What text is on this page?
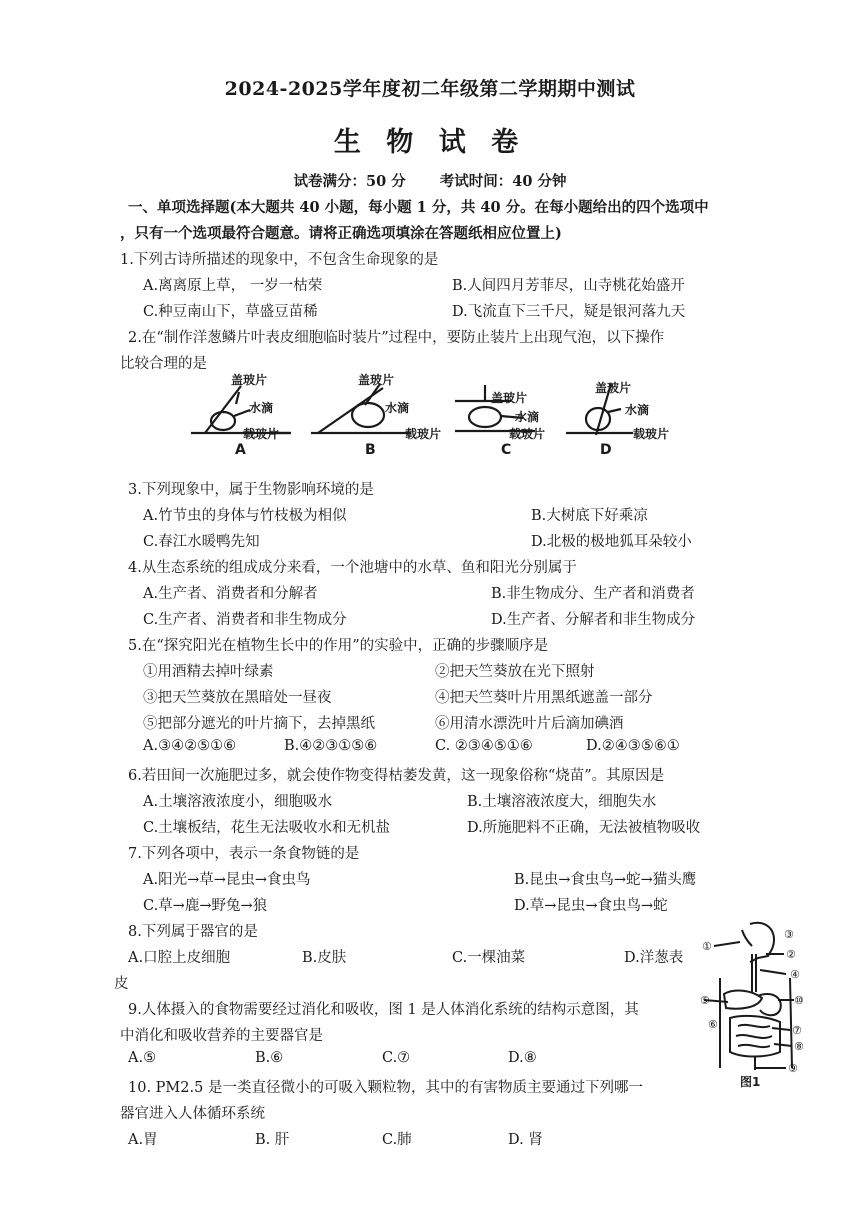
2024-2025学年度初二年级第二学期期中测试
生 物 试 卷
试卷满分：50 分 考试时间：40 分钟
一、单项选择题(本大题共 40 小题，每小题 1 分，共 40 分。在每小题给出的四个选项中
，只有一个选项最符合题意。请将正确选项填涂在答题纸相应位置上)
1.下列古诗所描述的现象中，不包含生命现象的是
A.离离原上草， 一岁一枯荣	B.人间四月芳菲尽，山寺桃花始盛开
C.种豆南山下，草盛豆苗稀	D.飞流直下三千尺，疑是银河落九天
2.在“制作洋葱鳞片叶表皮细胞临时装片”过程中，要防止装片上出现气泡，以下操作
比较合理的是
盖玻片
水滴
载玻片
A
盖玻片
水滴
载玻片
B
盖玻片
水滴
载玻片
C
盖玻片
水滴
载玻片
D
3.下列现象中，属于生物影响环境的是
A.竹节虫的身体与竹枝极为相似	B.大树底下好乘凉
C.春江水暖鸭先知	D.北极的极地狐耳朵较小
4.从生态系统的组成成分来看，一个池塘中的水草、鱼和阳光分别属于
A.生产者、消费者和分解者	B.非生物成分、生产者和消费者
C.生产者、消费者和非生物成分	D.生产者、分解者和非生物成分
5.在“探究阳光在植物生长中的作用”的实验中，正确的步骤顺序是
①用酒精去掉叶绿素	②把天竺葵放在光下照射
③把天竺葵放在黑暗处一昼夜	④把天竺葵叶片用黑纸遮盖一部分
⑤把部分遮光的叶片摘下，去掉黑纸	⑥用清水漂洗叶片后滴加碘酒
A.③④②⑤①⑥	B.④②③①⑤⑥	C. ②③④⑤①⑥	D.②④③⑤⑥①
6.若田间一次施肥过多，就会使作物变得枯萎发黄，这一现象俗称“烧苗”。其原因是
A.土壤溶液浓度小，细胞吸水	B.土壤溶液浓度大，细胞失水
C.土壤板结，花生无法吸收水和无机盐	D.所施肥料不正确，无法被植物吸收
7.下列各项中，表示一条食物链的是
A.阳光→草→昆虫→食虫鸟	B.昆虫→食虫鸟→蛇→猫头鹰
C.草→鹿→野兔→狼	D.草→昆虫→食虫鸟→蛇
8.下列属于器官的是
A.口腔上皮细胞	B.皮肤	C.一棵油菜	D.洋葱表
皮
9.人体摄入的食物需要经过消化和吸收，图 1 是人体消化系统的结构示意图，其
中消化和吸收营养的主要器官是
A.⑤	B.⑥	C.⑦	D.⑧
10. PM2.5 是一类直径微小的可吸入颗粒物，其中的有害物质主要通过下列哪一
器官进入人体循环系统
A.胃	B. 肝	C.肺	D. 肾
①
②
③
④
⑤	⑩
⑦
⑧
⑨
⑥
图1
